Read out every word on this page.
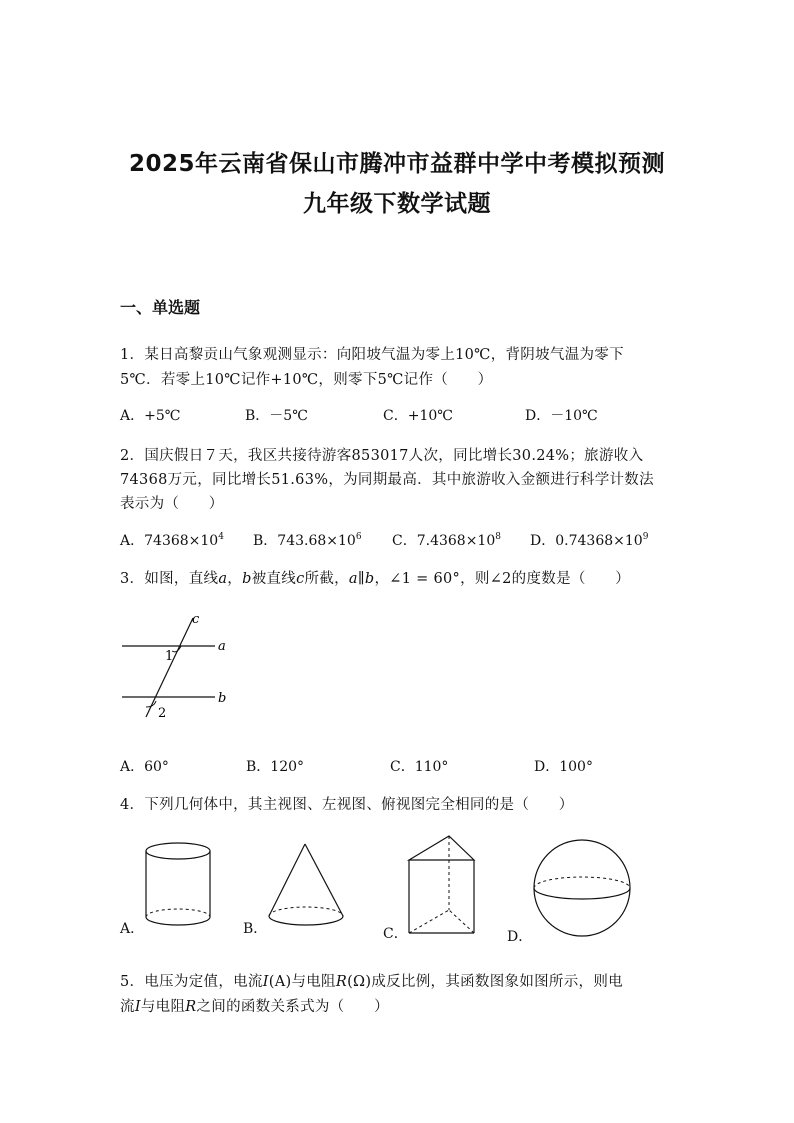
2025年云南省保山市腾冲市益群中学中考模拟预测
九年级下数学试题
一、单选题
1．某日高黎贡山气象观测显示：向阳坡气温为零上10℃，背阴坡气温为零下
5℃．若零上10℃记作+10℃，则零下5℃记作（　　）
A．+5℃	B．－5℃	C．+10℃	D．－10℃
2．国庆假日７天，我区共接待游客853017人次，同比增长30.24%；旅游收入
74368万元，同比增长51.63%，为同期最高．其中旅游收入金额进行科学计数法
表示为（　　）
A．$74368\times 10^4$ B．$743.68\times 10^6$ C．$7.4368\times 10^8$ D．$0.74368\times 10^9$
3．如图，直线a，b被直线c所截，a∥b，∠1 = 60°，则∠2的度数是（　　）
c
a
b
1
2
A．60°	B．120°	C．110°	D．100°
4．下列几何体中，其主视图、左视图、俯视图完全相同的是（　　）
A．	B．	C．	D．
5．电压为定值，电流I(A)与电阻R(Ω)成反比例，其函数图象如图所示，则电
流I与电阻R之间的函数关系式为（　　）
